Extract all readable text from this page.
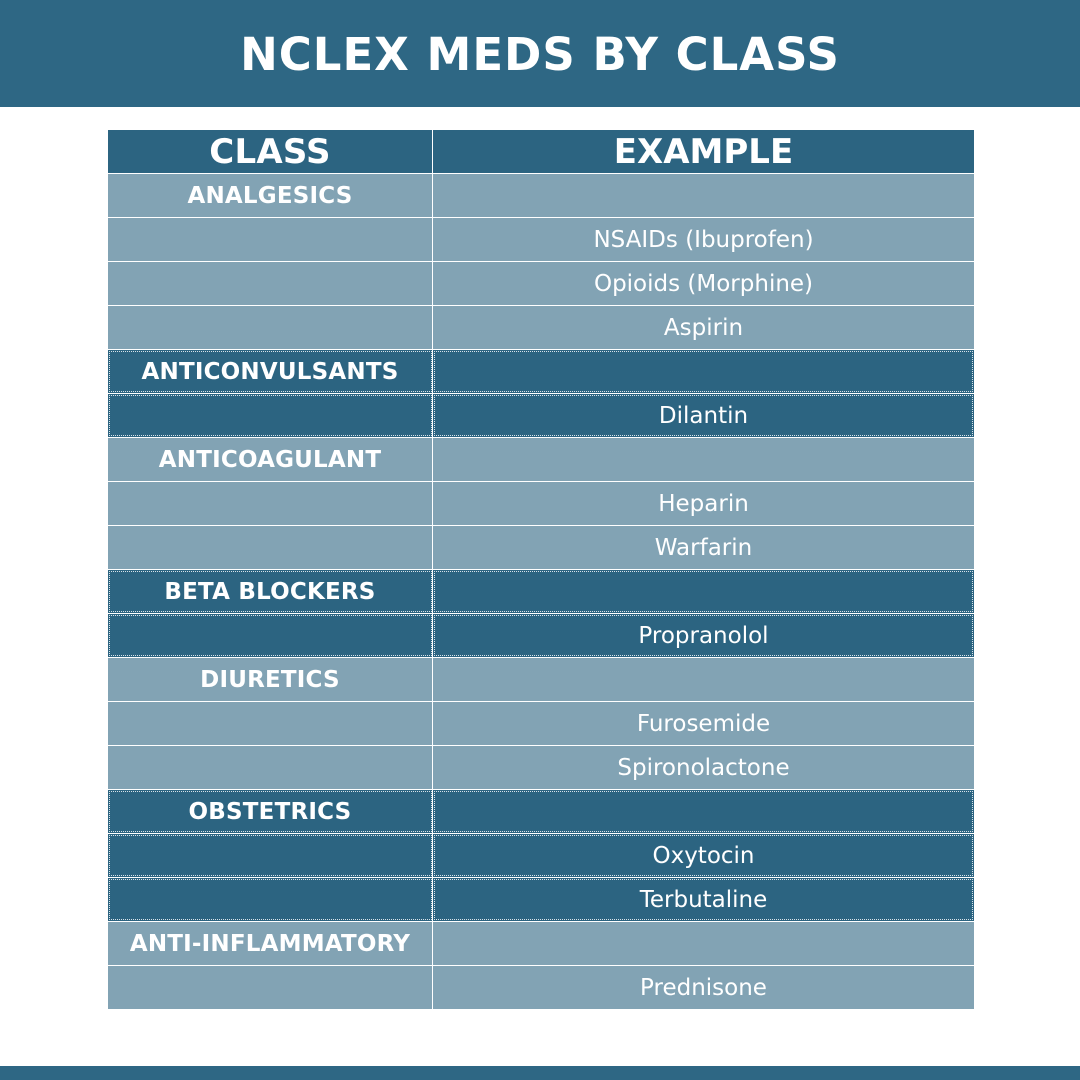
NCLEX MEDS BY CLASS
CLASS	EXAMPLE
ANALGESICS
NSAIDs (Ibuprofen)
Opioids (Morphine)
Aspirin
ANTICONVULSANTS
Dilantin
ANTICOAGULANT
Heparin
Warfarin
BETA BLOCKERS
Propranolol
DIURETICS
Furosemide
Spironolactone
OBSTETRICS
Oxytocin
Terbutaline
ANTI-INFLAMMATORY
Prednisone
